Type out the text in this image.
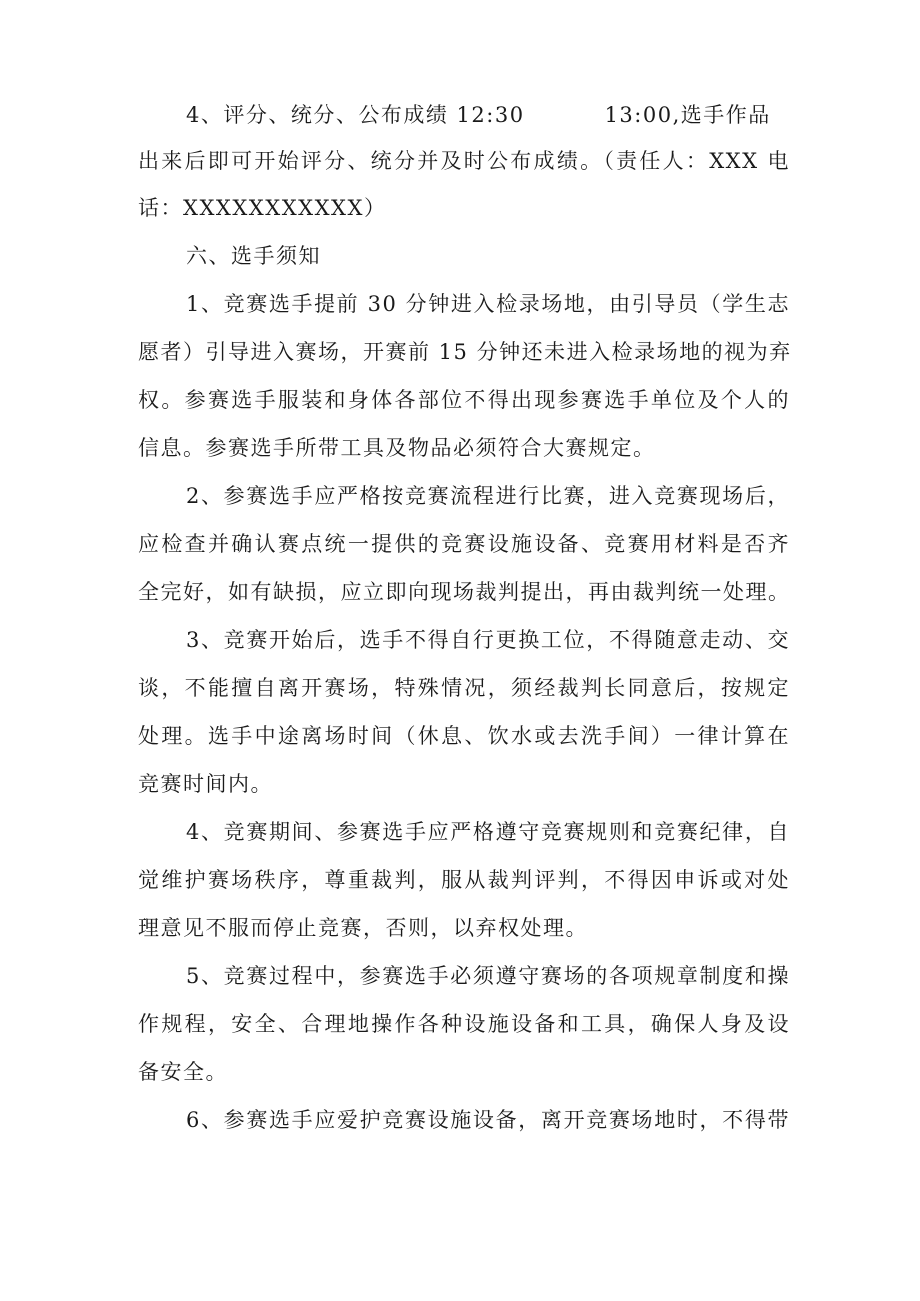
4、评分、统分、公布成绩 12:30	13:00,选手作品
出来后即可开始评分、统分并及时公布成绩。（责任人：XXX 电
话：XXXXXXXXXXX）
六、选手须知
1、竞赛选手提前 30 分钟进入检录场地，由引导员（学生志
愿者）引导进入赛场，开赛前 15 分钟还未进入检录场地的视为弃
权。参赛选手服装和身体各部位不得出现参赛选手单位及个人的
信息。参赛选手所带工具及物品必须符合大赛规定。
2、参赛选手应严格按竞赛流程进行比赛，进入竞赛现场后，
应检查并确认赛点统一提供的竞赛设施设备、竞赛用材料是否齐
全完好，如有缺损，应立即向现场裁判提出，再由裁判统一处理。
3、竞赛开始后，选手不得自行更换工位，不得随意走动、交
谈，不能擅自离开赛场，特殊情况，须经裁判长同意后，按规定
处理。选手中途离场时间（休息、饮水或去洗手间）一律计算在
竞赛时间内。
4、竞赛期间、参赛选手应严格遵守竞赛规则和竞赛纪律，自
觉维护赛场秩序，尊重裁判，服从裁判评判，不得因申诉或对处
理意见不服而停止竞赛，否则，以弃权处理。
5、竞赛过程中，参赛选手必须遵守赛场的各项规章制度和操
作规程，安全、合理地操作各种设施设备和工具，确保人身及设
备安全。
6、参赛选手应爱护竞赛设施设备，离开竞赛场地时，不得带
